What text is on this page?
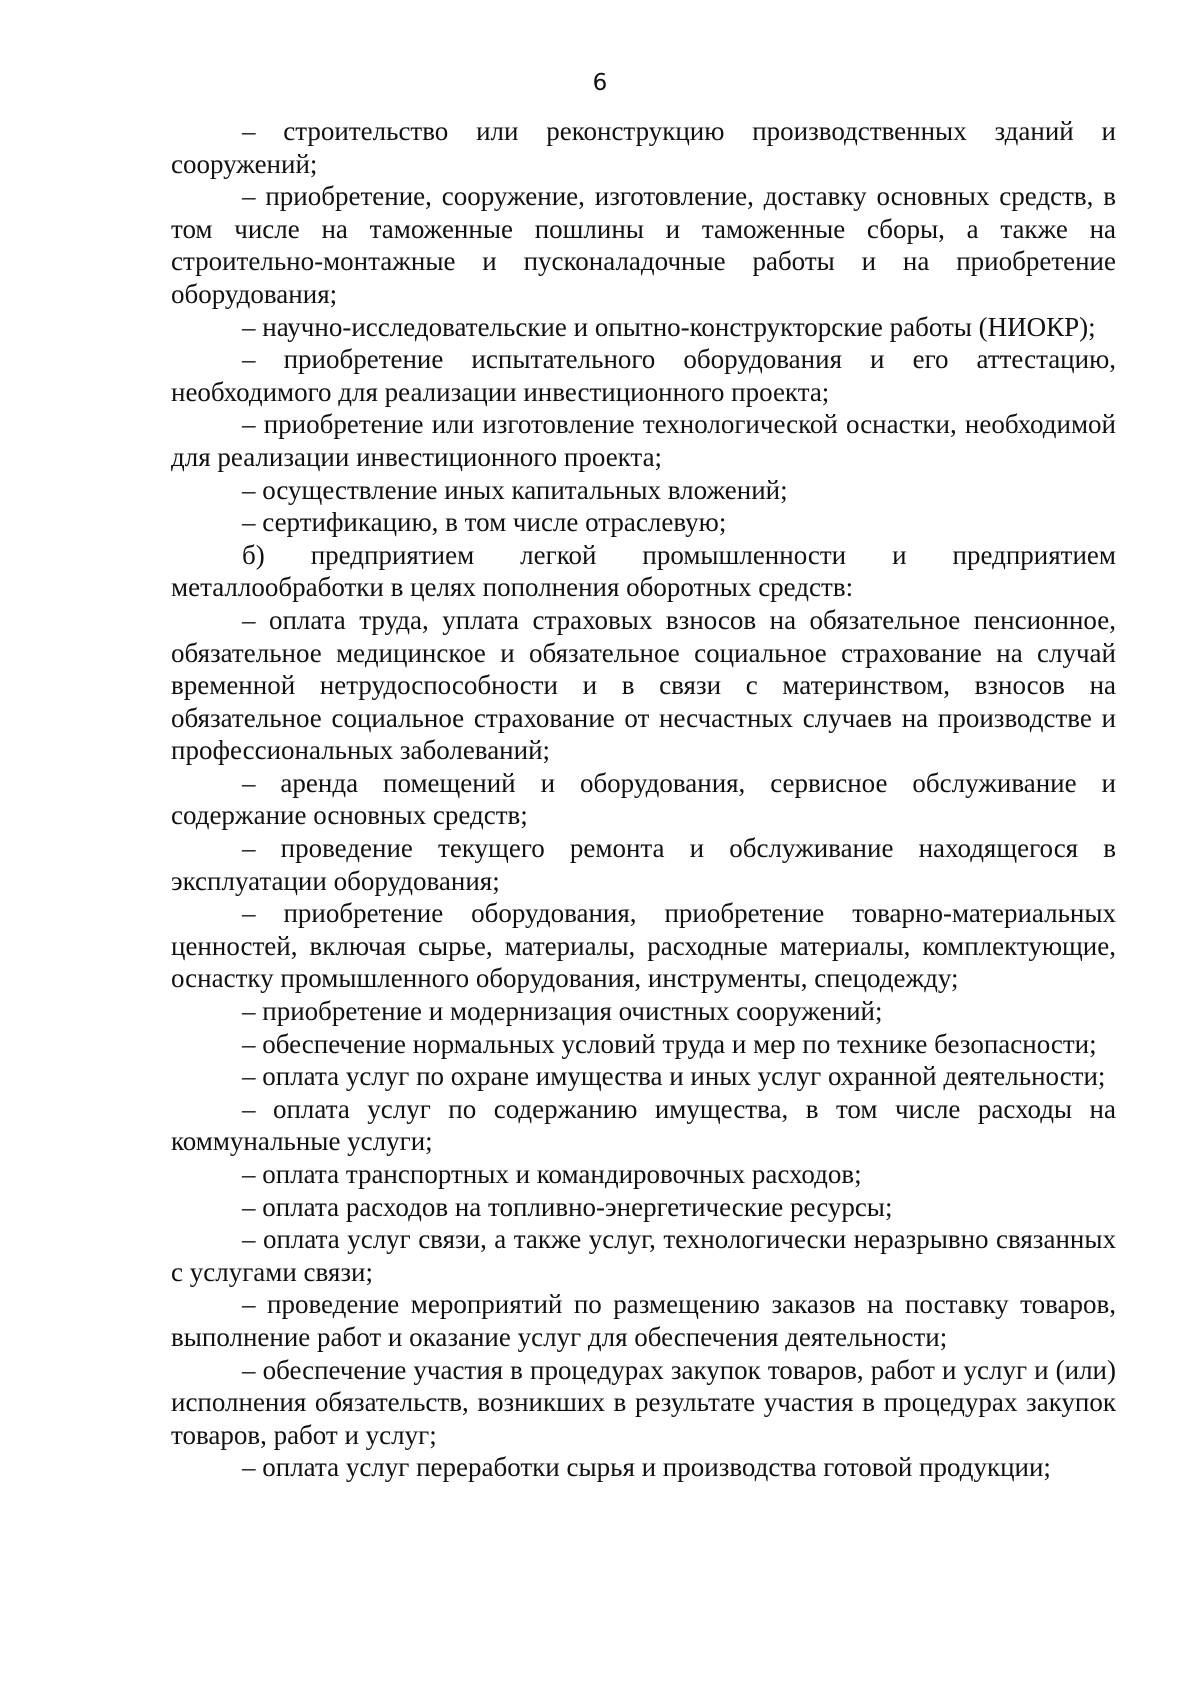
6

– строительство или реконструкцию производственных зданий и сооружений;

– приобретение, сооружение, изготовление, доставку основных средств, в том числе на таможенные пошлины и таможенные сборы, а также на строительно-монтажные и пусконаладочные работы и на приобретение оборудования;

– научно-исследовательские и опытно-конструкторские работы (НИОКР);

– приобретение испытательного оборудования и его аттестацию, необходимого для реализации инвестиционного проекта;

– приобретение или изготовление технологической оснастки, необходимой для реализации инвестиционного проекта;

– осуществление иных капитальных вложений;

– сертификацию, в том числе отраслевую;

б) предприятием легкой промышленности и предприятием металлообработки в целях пополнения оборотных средств:

– оплата труда, уплата страховых взносов на обязательное пенсионное, обязательное медицинское и обязательное социальное страхование на случай временной нетрудоспособности и в связи с материнством, взносов на обязательное социальное страхование от несчастных случаев на производстве и профессиональных заболеваний;

– аренда помещений и оборудования, сервисное обслуживание и содержание основных средств;

– проведение текущего ремонта и обслуживание находящегося в эксплуатации оборудования;

– приобретение оборудования, приобретение товарно-материальных ценностей, включая сырье, материалы, расходные материалы, комплектующие, оснастку промышленного оборудования, инструменты, спецодежду;

– приобретение и модернизация очистных сооружений;

– обеспечение нормальных условий труда и мер по технике безопасности;

– оплата услуг по охране имущества и иных услуг охранной деятельности;

– оплата услуг по содержанию имущества, в том числе расходы на коммунальные услуги;

– оплата транспортных и командировочных расходов;

– оплата расходов на топливно-энергетические ресурсы;

– оплата услуг связи, а также услуг, технологически неразрывно связанных с услугами связи;

– проведение мероприятий по размещению заказов на поставку товаров, выполнение работ и оказание услуг для обеспечения деятельности;

– обеспечение участия в процедурах закупок товаров, работ и услуг и (или) исполнения обязательств, возникших в результате участия в процедурах закупок товаров, работ и услуг;

– оплата услуг переработки сырья и производства готовой продукции;
